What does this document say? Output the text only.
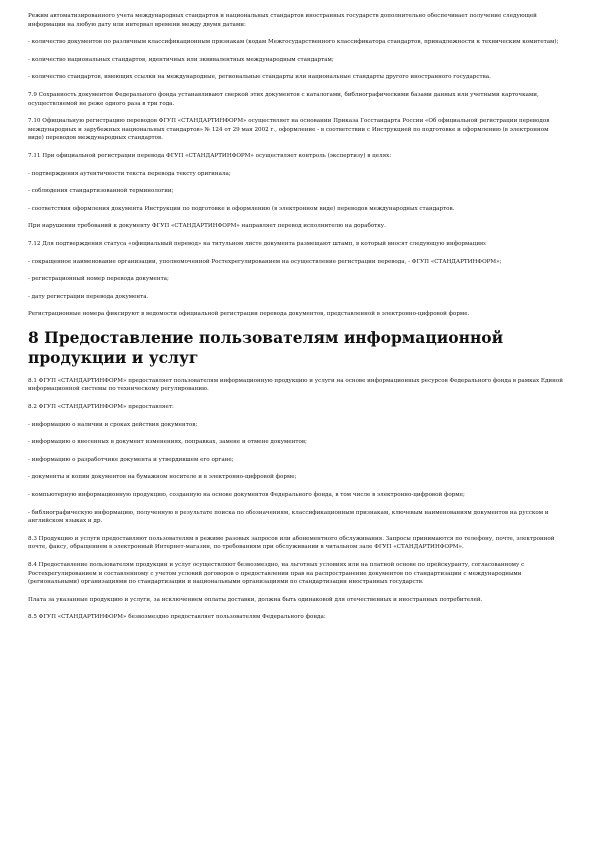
Режим автоматизированного учета международных стандартов и национальных стандартов иностранных государств дополнительно обеспечивает получение следующей информации на любую дату или интервал времени между двумя датами:

- количество документов по различным классификационным признакам (кодам Межгосударственного классификатора стандартов, принадлежности к техническим комитетам);

- количество национальных стандартов, идентичных или эквивалентных международным стандартам;

- количество стандартов, имеющих ссылки на международные, региональные стандарты или национальные стандарты другого иностранного государства.

7.9 Сохранность документов Федерального фонда устанавливают сверкой этих документов с каталогами, библиографическими базами данных или учетными карточками, осуществляемой не реже одного раза в три года.

7.10 Официальную регистрацию переводов ФГУП «СТАНДАРТИНФОРМ» осуществляет на основании Приказа Госстандарта России «Об официальной регистрации переводов международных и зарубежных национальных стандартов» № 124 от 29 мая 2002 г., оформление - в соответствии с Инструкцией по подготовке и оформлению (в электронном виде) переводов международных стандартов.

7.11 При официальной регистрации перевода ФГУП «СТАНДАРТИНФОРМ» осуществляет контроль (экспертизу) в целях:

- подтверждения аутентичности текста перевода тексту оригинала;

- соблюдения стандартизованной терминологии;

- соответствия оформления документа Инструкции по подготовке и оформлению (в электронном виде) переводов международных стандартов.

При нарушении требований к документу ФГУП «СТАНДАРТИНФОРМ» направляет перевод исполнителю на доработку.

7.12 Для подтверждения статуса «официальный перевод» на титульном листе документа размещают штамп, в который вносят следующую информацию:

- сокращенное наименование организации, уполномоченной Ростехрегулированием на осуществление регистрации перевода, - ФГУП «СТАНДАРТИНФОРМ»;

- регистрационный номер перевода документа;

- дату регистрации перевода документа.

Регистрационные номера фиксируют в ведомости официальной регистрации перевода документов, представленной в электронно-цифровой форме.

8 Предоставление пользователям информационной продукции и услуг

8.1 ФГУП «СТАНДАРТИНФОРМ» предоставляет пользователям информационную продукцию и услуги на основе информационных ресурсов Федерального фонда в рамках Единой информационной системы по техническому регулированию.

8.2 ФГУП «СТАНДАРТИНФОРМ» предоставляет:

- информацию о наличии и сроках действия документов;

- информацию о внесенных в документ изменениях, поправках, замене и отмене документов;

- информацию о разработчике документа и утвердившем его органе;

- документы и копии документов на бумажном носителе и в электронно-цифровой форме;

- компьютерную информационную продукцию, созданную на основе документов Федерального фонда, в том числе в электронно-цифровой форме;

- библиографическую информацию, полученную в результате поиска по обозначениям, классификационным признакам, ключевым наименованиям документов на русском и английском языках и др.

8.3 Продукцию и услуги предоставляют пользователям в режиме разовых запросов или абонементного обслуживания. Запросы принимаются по телефону, почте, электронной почте, факсу, обращением в электронный Интернет-магазин, по требованиям при обслуживании в читальном зале ФГУП «СТАНДАРТИНФОРМ».

8.4 Предоставление пользователям продукции и услуг осуществляют безвозмездно, на льготных условиях или на платной основе по прейскуранту, согласованному с Ростехрегулированием и составленному с учетом условий договоров о предоставлении прав на распространение документов по стандартизации с международными (региональными) организациями по стандартизации и национальными организациями по стандартизации иностранных государств.

Плата за указанные продукцию и услуги, за исключением оплаты доставки, должна быть одинаковой для отечественных и иностранных потребителей.

8.5 ФГУП «СТАНДАРТИНФОРМ» безвозмездно предоставляет пользователям Федерального фонда:
